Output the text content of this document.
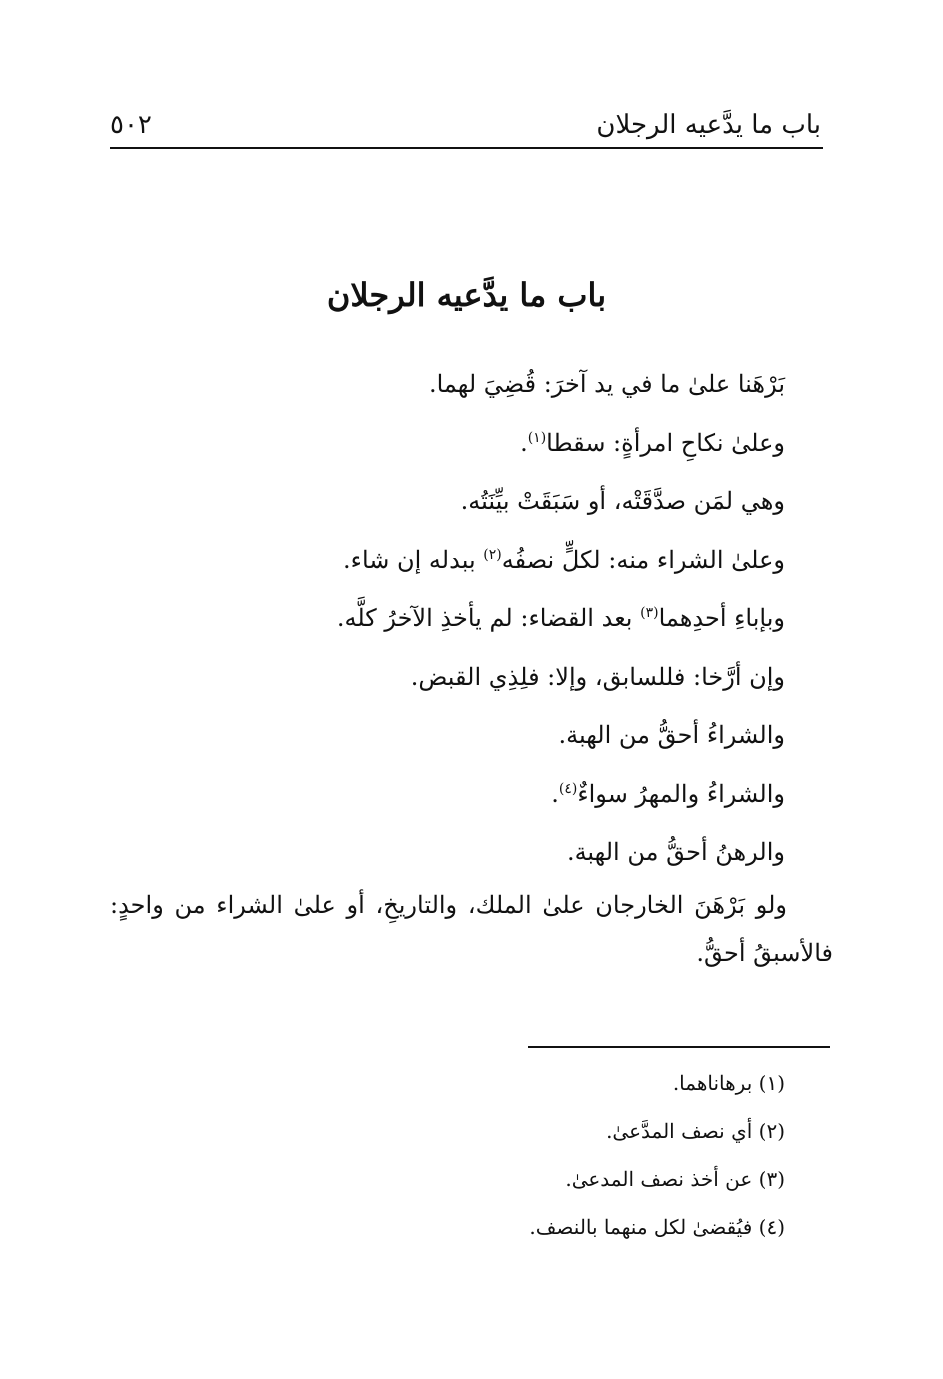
باب ما يدَّعيه الرجلان
٥٠٢
باب ما يدَّعيه الرجلان
بَرْهَنا علىٰ ما في يد آخرَ: قُضِيَ لهما.
وعلىٰ نكاحِ امرأةٍ: سقطا$^{(١)}$.
وهي لمَن صدَّقَتْه، أو سَبَقَتْ بيِّنَتُه.
وعلىٰ الشراء منه: لكلٍّ نصفُه$^{(٢)}$ ببدله إن شاء.
وبإباءِ أحدِهما$^{(٣)}$ بعد القضاء: لم يأخذِ الآخرُ كلَّه.
وإن أرَّخا: فللسابق، وإلا: فلِذِي القبض.
والشراءُ أحقُّ من الهبة.
والشراءُ والمهرُ سواءٌ$^{(٤)}$.
والرهنُ أحقُّ من الهبة.
ولو بَرْهَنَ الخارجان علىٰ الملك، والتاريخِ، أو علىٰ الشراء من واحدٍ: فالأسبقُ أحقُّ.
(١) برهاناهما.
(٢) أي نصف المدَّعىٰ.
(٣) عن أخذ نصف المدعىٰ.
(٤) فيُقضىٰ لكل منهما بالنصف.
